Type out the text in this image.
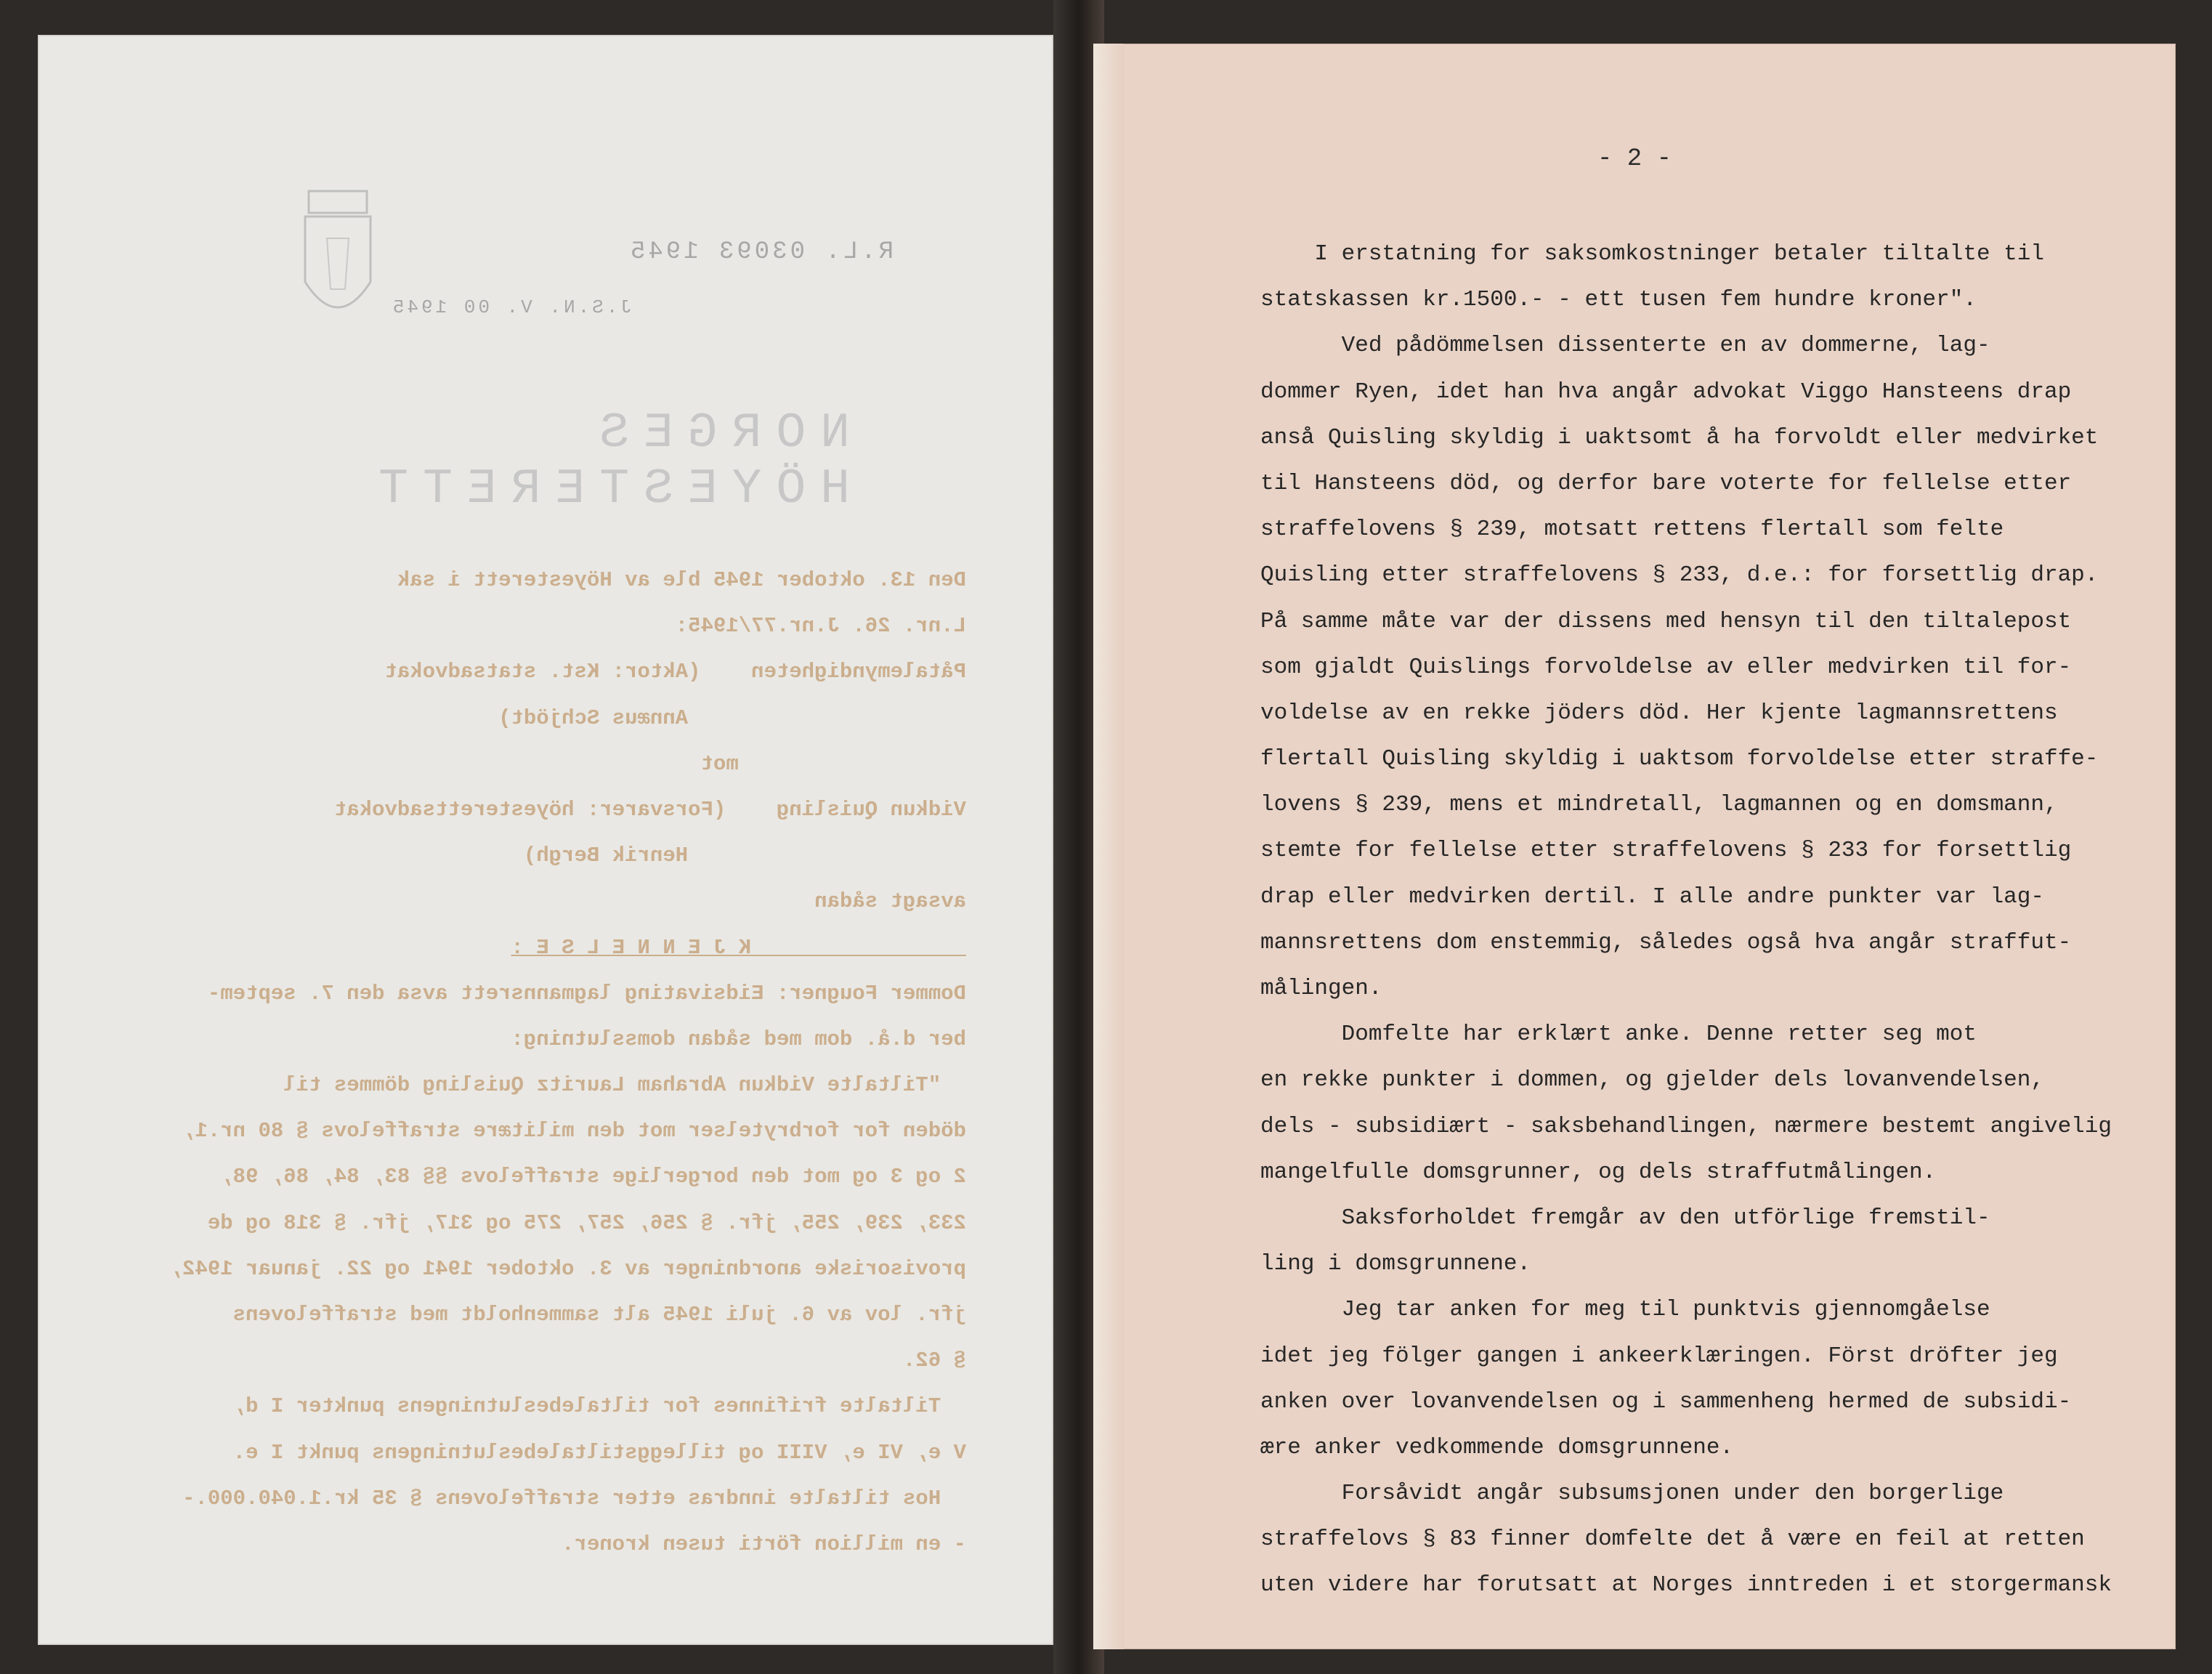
R.L. 03093 1945
J.S.N. V. 00 1945
NORGES HÖYESTERETT
Den 13. oktober 1945 ble av Höyesterett i sak
L.nr. 26. J.nr.77/1945:
Påtalemyndigheten    (Aktor: Kst. statsadvokat
Annæus Schjödt)
mot
Vidkun Quisling    (Forsvarer: höyesterettsadvokat
Henrik Bergh)
avsagt sådan
K J E N N E L S E :
Dommer Fougner: Eidsivating lagmannsrett avsa den 7. septem-
ber d.å. dom med sådan domsslutning:
"Tiltalte Vidkun Abraham Lauritz Quisling dömmes til
döden for forbrytelser mot den militære straffelovs § 80 nr.1,
2 og 3 og mot den borgerlige straffelovs §§ 83, 84, 86, 98,
233, 239, 255, jfr. § 256, 257, 275 og 317, jfr. § 318 og de
provisoriske anordninger av 3. oktober 1941 og 22. januar 1942,
jfr. lov av 6. juli 1945 alt sammenholdt med straffelovens
§ 62.
Tiltalte frifinnes for tiltalebeslutningens punkter I d,
V e, VI e, VIII og tilleggstiltalebeslutningens punkt I e.
Hos tiltalte inndras etter straffelovens § 35 kr.1.040.000.-
- en million förti tusen kroner.
- 2 -
I erstatning for saksomkostninger betaler tiltalte til
statskassen kr.1500.- - ett tusen fem hundre kroner".
Ved pådömmelsen dissenterte en av dommerne, lag-
dommer Ryen, idet han hva angår advokat Viggo Hansteens drap
anså Quisling skyldig i uaktsomt å ha forvoldt eller medvirket
til Hansteens död, og derfor bare voterte for fellelse etter
straffelovens § 239, motsatt rettens flertall som felte
Quisling etter straffelovens § 233, d.e.: for forsettlig drap.
På samme måte var der dissens med hensyn til den tiltalepost
som gjaldt Quislings forvoldelse av eller medvirken til for-
voldelse av en rekke jöders död. Her kjente lagmannsrettens
flertall Quisling skyldig i uaktsom forvoldelse etter straffe-
lovens § 239, mens et mindretall, lagmannen og en domsmann,
stemte for fellelse etter straffelovens § 233 for forsettlig
drap eller medvirken dertil. I alle andre punkter var lag-
mannsrettens dom enstemmig, således også hva angår straffut-
målingen.
Domfelte har erklært anke. Denne retter seg mot
en rekke punkter i dommen, og gjelder dels lovanvendelsen,
dels - subsidiært - saksbehandlingen, nærmere bestemt angivelig
mangelfulle domsgrunner, og dels straffutmålingen.
Saksforholdet fremgår av den utförlige fremstil-
ling i domsgrunnene.
Jeg tar anken for meg til punktvis gjennomgåelse
idet jeg fölger gangen i ankeerklæringen. Först dröfter jeg
anken over lovanvendelsen og i sammenheng hermed de subsidi-
ære anker vedkommende domsgrunnene.
Forsåvidt angår subsumsjonen under den borgerlige
straffelovs § 83 finner domfelte det å være en feil at retten
uten videre har forutsatt at Norges inntreden i et storgermansk
